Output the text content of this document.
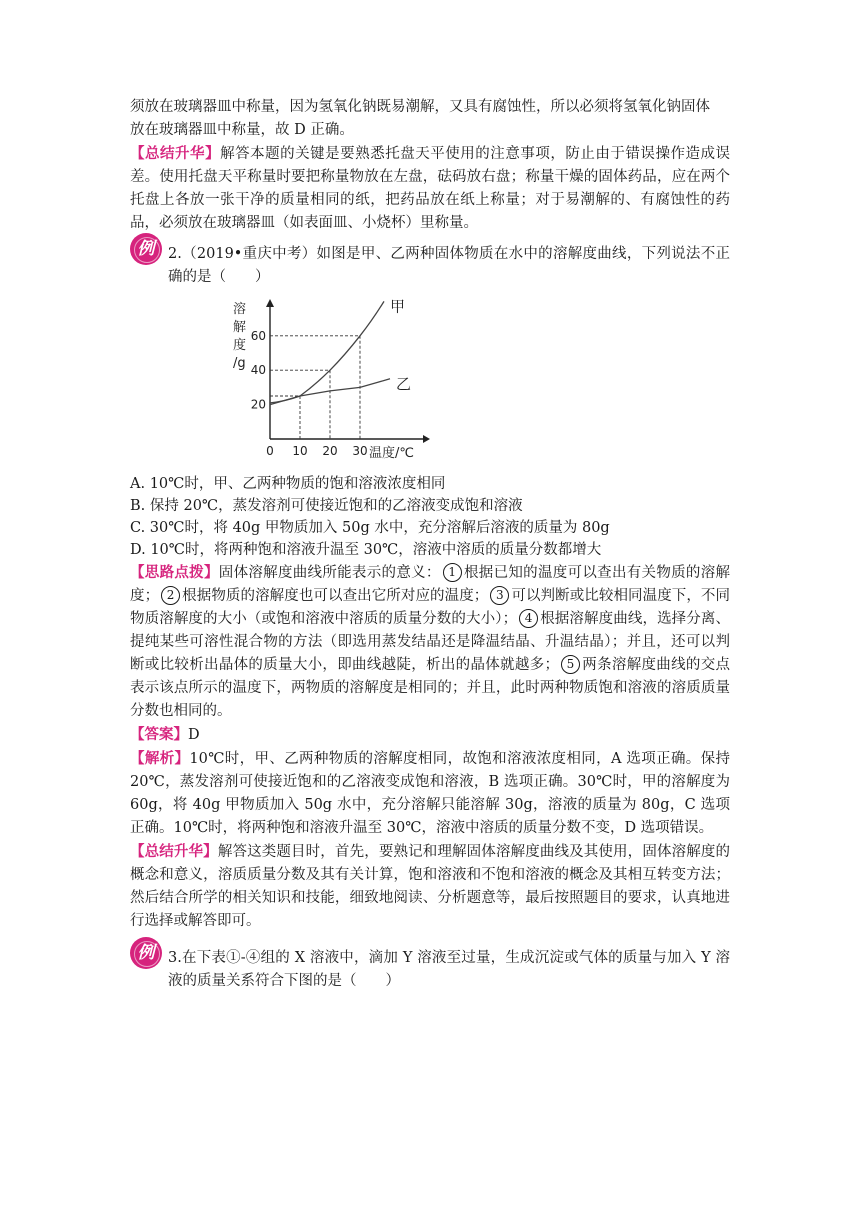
须放在玻璃器皿中称量，因为氢氧化钠既易潮解，又具有腐蚀性，所以必须将氢氧化钠固体
放在玻璃器皿中称量，故 D 正确。

【总结升华】解答本题的关键是要熟悉托盘天平使用的注意事项，防止由于错误操作造成误差。使用托盘天平称量时要把称量物放在左盘，砝码放右盘；称量干燥的固体药品，应在两个托盘上各放一张干净的质量相同的纸，把药品放在纸上称量；对于易潮解的、有腐蚀性的药品，必须放在玻璃器皿（如表面皿、小烧杯）里称量。

例 2.（2019•重庆中考）如图是甲、乙两种固体物质在水中的溶解度曲线，下列说法不正确的是（　　）

甲
乙
0 10 20 30
20
40
60
溶
解
度
/g
温度/℃

A. 10℃时，甲、乙两种物质的饱和溶液浓度相同

B. 保持 20℃，蒸发溶剂可使接近饱和的乙溶液变成饱和溶液

C. 30℃时，将 40g 甲物质加入 50g 水中，充分溶解后溶液的质量为 80g

D. 10℃时，将两种饱和溶液升温至 30℃，溶液中溶质的质量分数都增大

【思路点拨】固体溶解度曲线所能表示的意义： 1 根据已知的温度可以查出有关物质的溶解度； 2 根据物质的溶解度也可以查出它所对应的温度； 3 可以判断或比较相同温度下，不同物质溶解度的大小（或饱和溶液中溶质的质量分数的大小）； 4 根据溶解度曲线，选择分离、提纯某些可溶性混合物的方法（即选用蒸发结晶还是降温结晶、升温结晶）；并且，还可以判断或比较析出晶体的质量大小，即曲线越陡，析出的晶体就越多； 5 两条溶解度曲线的交点表示该点所示的温度下，两物质的溶解度是相同的；并且，此时两种物质饱和溶液的溶质质量分数也相同的。

【答案】D

【解析】10℃时，甲、乙两种物质的溶解度相同，故饱和溶液浓度相同，A 选项正确。保持 20℃，蒸发溶剂可使接近饱和的乙溶液变成饱和溶液，B 选项正确。30℃时，甲的溶解度为 60g，将 40g 甲物质加入 50g 水中，充分溶解只能溶解 30g，溶液的质量为 80g，C 选项正确。10℃时，将两种饱和溶液升温至 30℃，溶液中溶质的质量分数不变，D 选项错误。

【总结升华】解答这类题目时，首先，要熟记和理解固体溶解度曲线及其使用，固体溶解度的概念和意义，溶质质量分数及其有关计算，饱和溶液和不饱和溶液的概念及其相互转变方法；然后结合所学的相关知识和技能，细致地阅读、分析题意等，最后按照题目的要求，认真地进行选择或解答即可。

例 3.在下表①-④组的 X 溶液中，滴加 Y 溶液至过量，生成沉淀或气体的质量与加入 Y 溶液的质量关系符合下图的是（　　）
